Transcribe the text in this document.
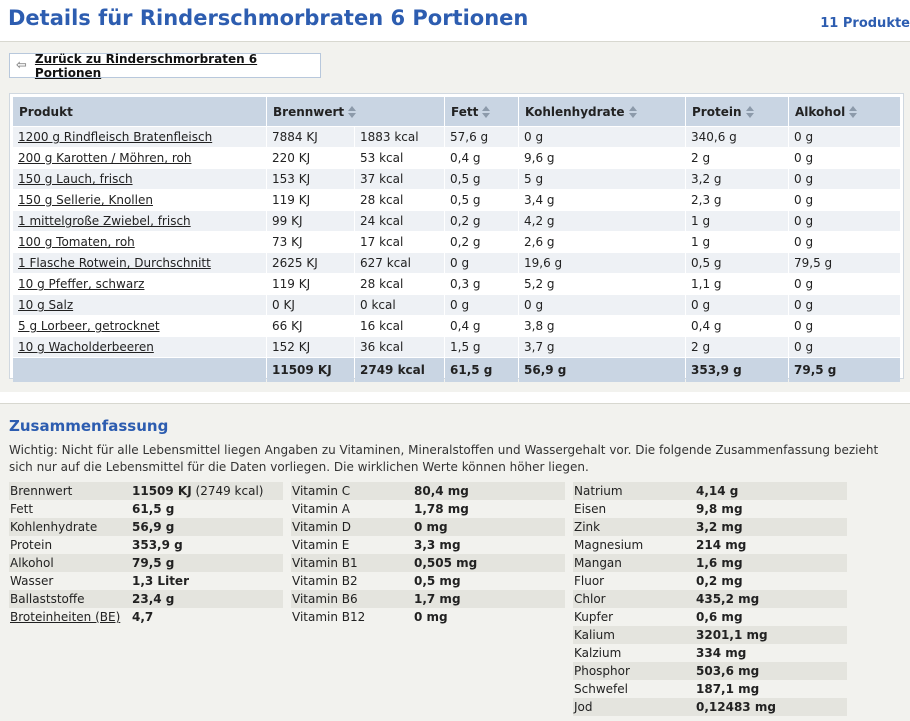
Details für Rinderschmorbraten 6 Portionen	11 Produkte
⇦ Zurück zu Rinderschmorbraten 6 Portionen
Produkt	Brennwert		Fett	Kohlenhydrate	Protein	Alkohol
1200 g Rindfleisch Bratenfleisch	7884 KJ	1883 kcal	57,6 g	0 g	340,6 g	0 g
200 g Karotten / Möhren, roh	220 KJ	53 kcal	0,4 g	9,6 g	2 g	0 g
150 g Lauch, frisch	153 KJ	37 kcal	0,5 g	5 g	3,2 g	0 g
150 g Sellerie, Knollen	119 KJ	28 kcal	0,5 g	3,4 g	2,3 g	0 g
1 mittelgroße Zwiebel, frisch	99 KJ	24 kcal	0,2 g	4,2 g	1 g	0 g
100 g Tomaten, roh	73 KJ	17 kcal	0,2 g	2,6 g	1 g	0 g
1 Flasche Rotwein, Durchschnitt	2625 KJ	627 kcal	0 g	19,6 g	0,5 g	79,5 g
10 g Pfeffer, schwarz	119 KJ	28 kcal	0,3 g	5,2 g	1,1 g	0 g
10 g Salz	0 KJ	0 kcal	0 g	0 g	0 g	0 g
5 g Lorbeer, getrocknet	66 KJ	16 kcal	0,4 g	3,8 g	0,4 g	0 g
10 g Wacholderbeeren	152 KJ	36 kcal	1,5 g	3,7 g	2 g	0 g
	11509 KJ	2749 kcal	61,5 g	56,9 g	353,9 g	79,5 g
Zusammenfassung

Wichtig: Nicht für alle Lebensmittel liegen Angaben zu Vitaminen, Mineralstoffen und Wassergehalt vor. Die folgende Zusammenfassung bezieht sich nur auf die Lebensmittel für die Daten vorliegen. Die wirklichen Werte können höher liegen.

Brennwert	11509 KJ (2749 kcal)
Fett	61,5 g
Kohlenhydrate	56,9 g
Protein	353,9 g
Alkohol	79,5 g
Wasser	1,3 Liter
Ballaststoffe	23,4 g
Broteinheiten (BE) 4,7
Vitamin C	80,4 mg
Vitamin A	1,78 mg
Vitamin D	0 mg
Vitamin E	3,3 mg
Vitamin B1	0,505 mg
Vitamin B2	0,5 mg
Vitamin B6	1,7 mg
Vitamin B12	0 mg
Natrium	4,14 g
Eisen	9,8 mg
Zink	3,2 mg
Magnesium	214 mg
Mangan	1,6 mg
Fluor	0,2 mg
Chlor	435,2 mg
Kupfer	0,6 mg
Kalium	3201,1 mg
Kalzium	334 mg
Phosphor	503,6 mg
Schwefel	187,1 mg
Jod	0,12483 mg
